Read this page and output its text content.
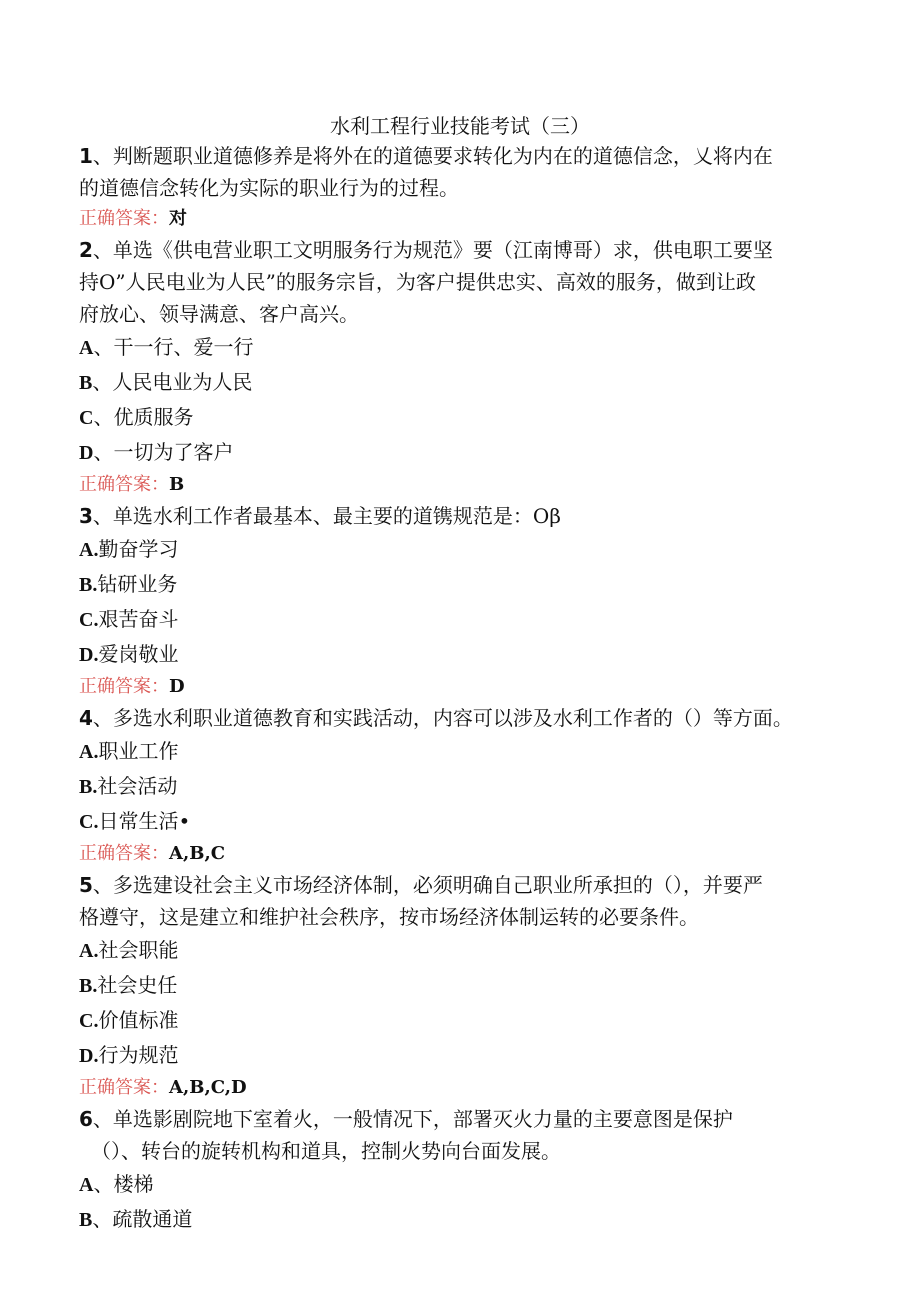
水利工程行业技能考试（三）

1、判断题职业道德修养是将外在的道德要求转化为内在的道德信念，乂将内在

的道德信念转化为实际的职业行为的过程。

正确答案：对

2、单选《供电营业职工文明服务行为规范》要（江南博哥）求，供电职工要坚

持O”人民电业为人民”的服务宗旨，为客户提供忠实、高效的服务，做到让政

府放心、领导满意、客户高兴。

A、干一行、爱一行

B、人民电业为人民

C、优质服务

D、一切为了客户

正确答案：B

3、单选水利工作者最基本、最主要的道镌规范是：Oβ

A.勤奋学习

B.钻研业务

C.艰苦奋斗

D.爱岗敬业

正确答案：D

4、多选水利职业道德教育和实践活动，内容可以涉及水利工作者的（）等方面。

A.职业工作

B.社会活动

C.日常生活•

正确答案：A,B,C

5、多选建设社会主义市场经济体制，必须明确自己职业所承担的（），并要严

格遵守，这是建立和维护社会秩序，按市场经济体制运转的必要条件。

A.社会职能

B.社会史任

C.价值标准

D.行为规范

正确答案：A,B,C,D

6、单选影剧院地下室着火，一般情况下，部署灭火力量的主要意图是保护

（）、转台的旋转机构和道具，控制火势向台面发展。

A、楼梯

B、疏散通道
